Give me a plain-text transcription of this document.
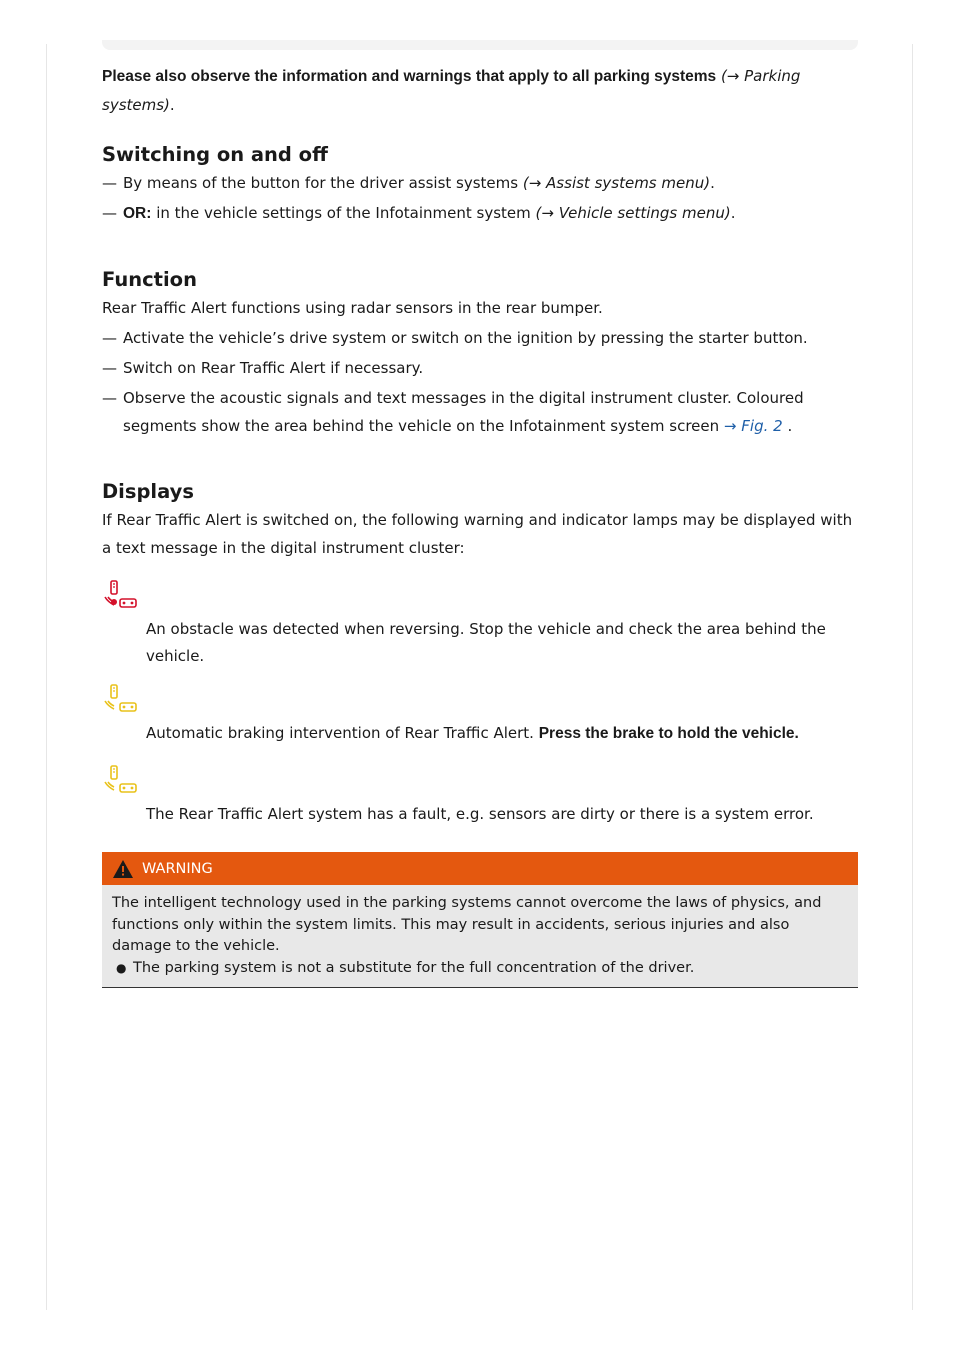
Please also observe the information and warnings that apply to all parking systems (→ Parking
systems).

Switching on and off

— By means of the button for the driver assist systems (→ Assist systems menu).

— OR: in the vehicle settings of the Infotainment system (→ Vehicle settings menu).

Function

Rear Traffic Alert functions using radar sensors in the rear bumper.

— Activate the vehicle’s drive system or switch on the ignition by pressing the starter button.

— Switch on Rear Traffic Alert if necessary.

— Observe the acoustic signals and text messages in the digital instrument cluster. Coloured segments show the area behind the vehicle on the Infotainment system screen → Fig. 2 .

Displays

If Rear Traffic Alert is switched on, the following warning and indicator lamps may be displayed with a text message in the digital instrument cluster:

An obstacle was detected when reversing. Stop the vehicle and check the area behind the vehicle.

Automatic braking intervention of Rear Traffic Alert. Press the brake to hold the vehicle.

The Rear Traffic Alert system has a fault, e.g. sensors are dirty or there is a system error.

WARNING

The intelligent technology used in the parking systems cannot overcome the laws of physics, and functions only within the system limits. This may result in accidents, serious injuries and also damage to the vehicle.

● The parking system is not a substitute for the full concentration of the driver.
